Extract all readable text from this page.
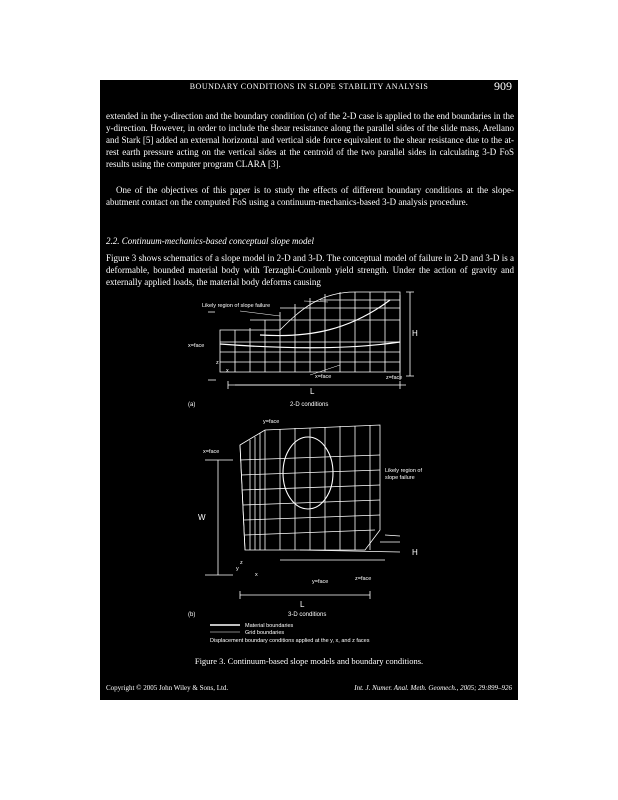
BOUNDARY CONDITIONS IN SLOPE STABILITY ANALYSIS	909
extended in the y-direction and the boundary condition (c) of the 2-D case is applied to the end boundaries in the y-direction. However, in order to include the shear resistance along the parallel sides of the slide mass, Arellano and Stark [5] added an external horizontal and vertical side force equivalent to the shear resistance due to the at-rest earth pressure acting on the vertical sides at the centroid of the two parallel sides in calculating 3-D FoS results using the computer program CLARA [3].
One of the objectives of this paper is to study the effects of different boundary conditions at the slope-abutment contact on the computed FoS using a continuum-mechanics-based 3-D analysis procedure.
2.2. Continuum-mechanics-based conceptual slope model
Figure 3 shows schematics of a slope model in 2-D and 3-D. The conceptual model of failure in 2-D and 3-D is a deformable, bounded material body with Terzaghi-Coulomb yield strength. Under the action of gravity and externally applied loads, the material body deforms causing
Likely region of slope failure
x=face
x=face	z=face
H
L
x
z
(a)	2-D conditions
y=face
x=face
Likely region of
slope failure
W
H
L
y=face	z=face
x
y
z
(b)	3-D conditions
Material boundaries
Grid boundaries
Displacement boundary conditions applied at the y, x, and z faces
Figure 3. Continuum-based slope models and boundary conditions.
Copyright © 2005 John Wiley & Sons, Ltd.	Int. J. Numer. Anal. Meth. Geomech., 2005; 29:899–926
